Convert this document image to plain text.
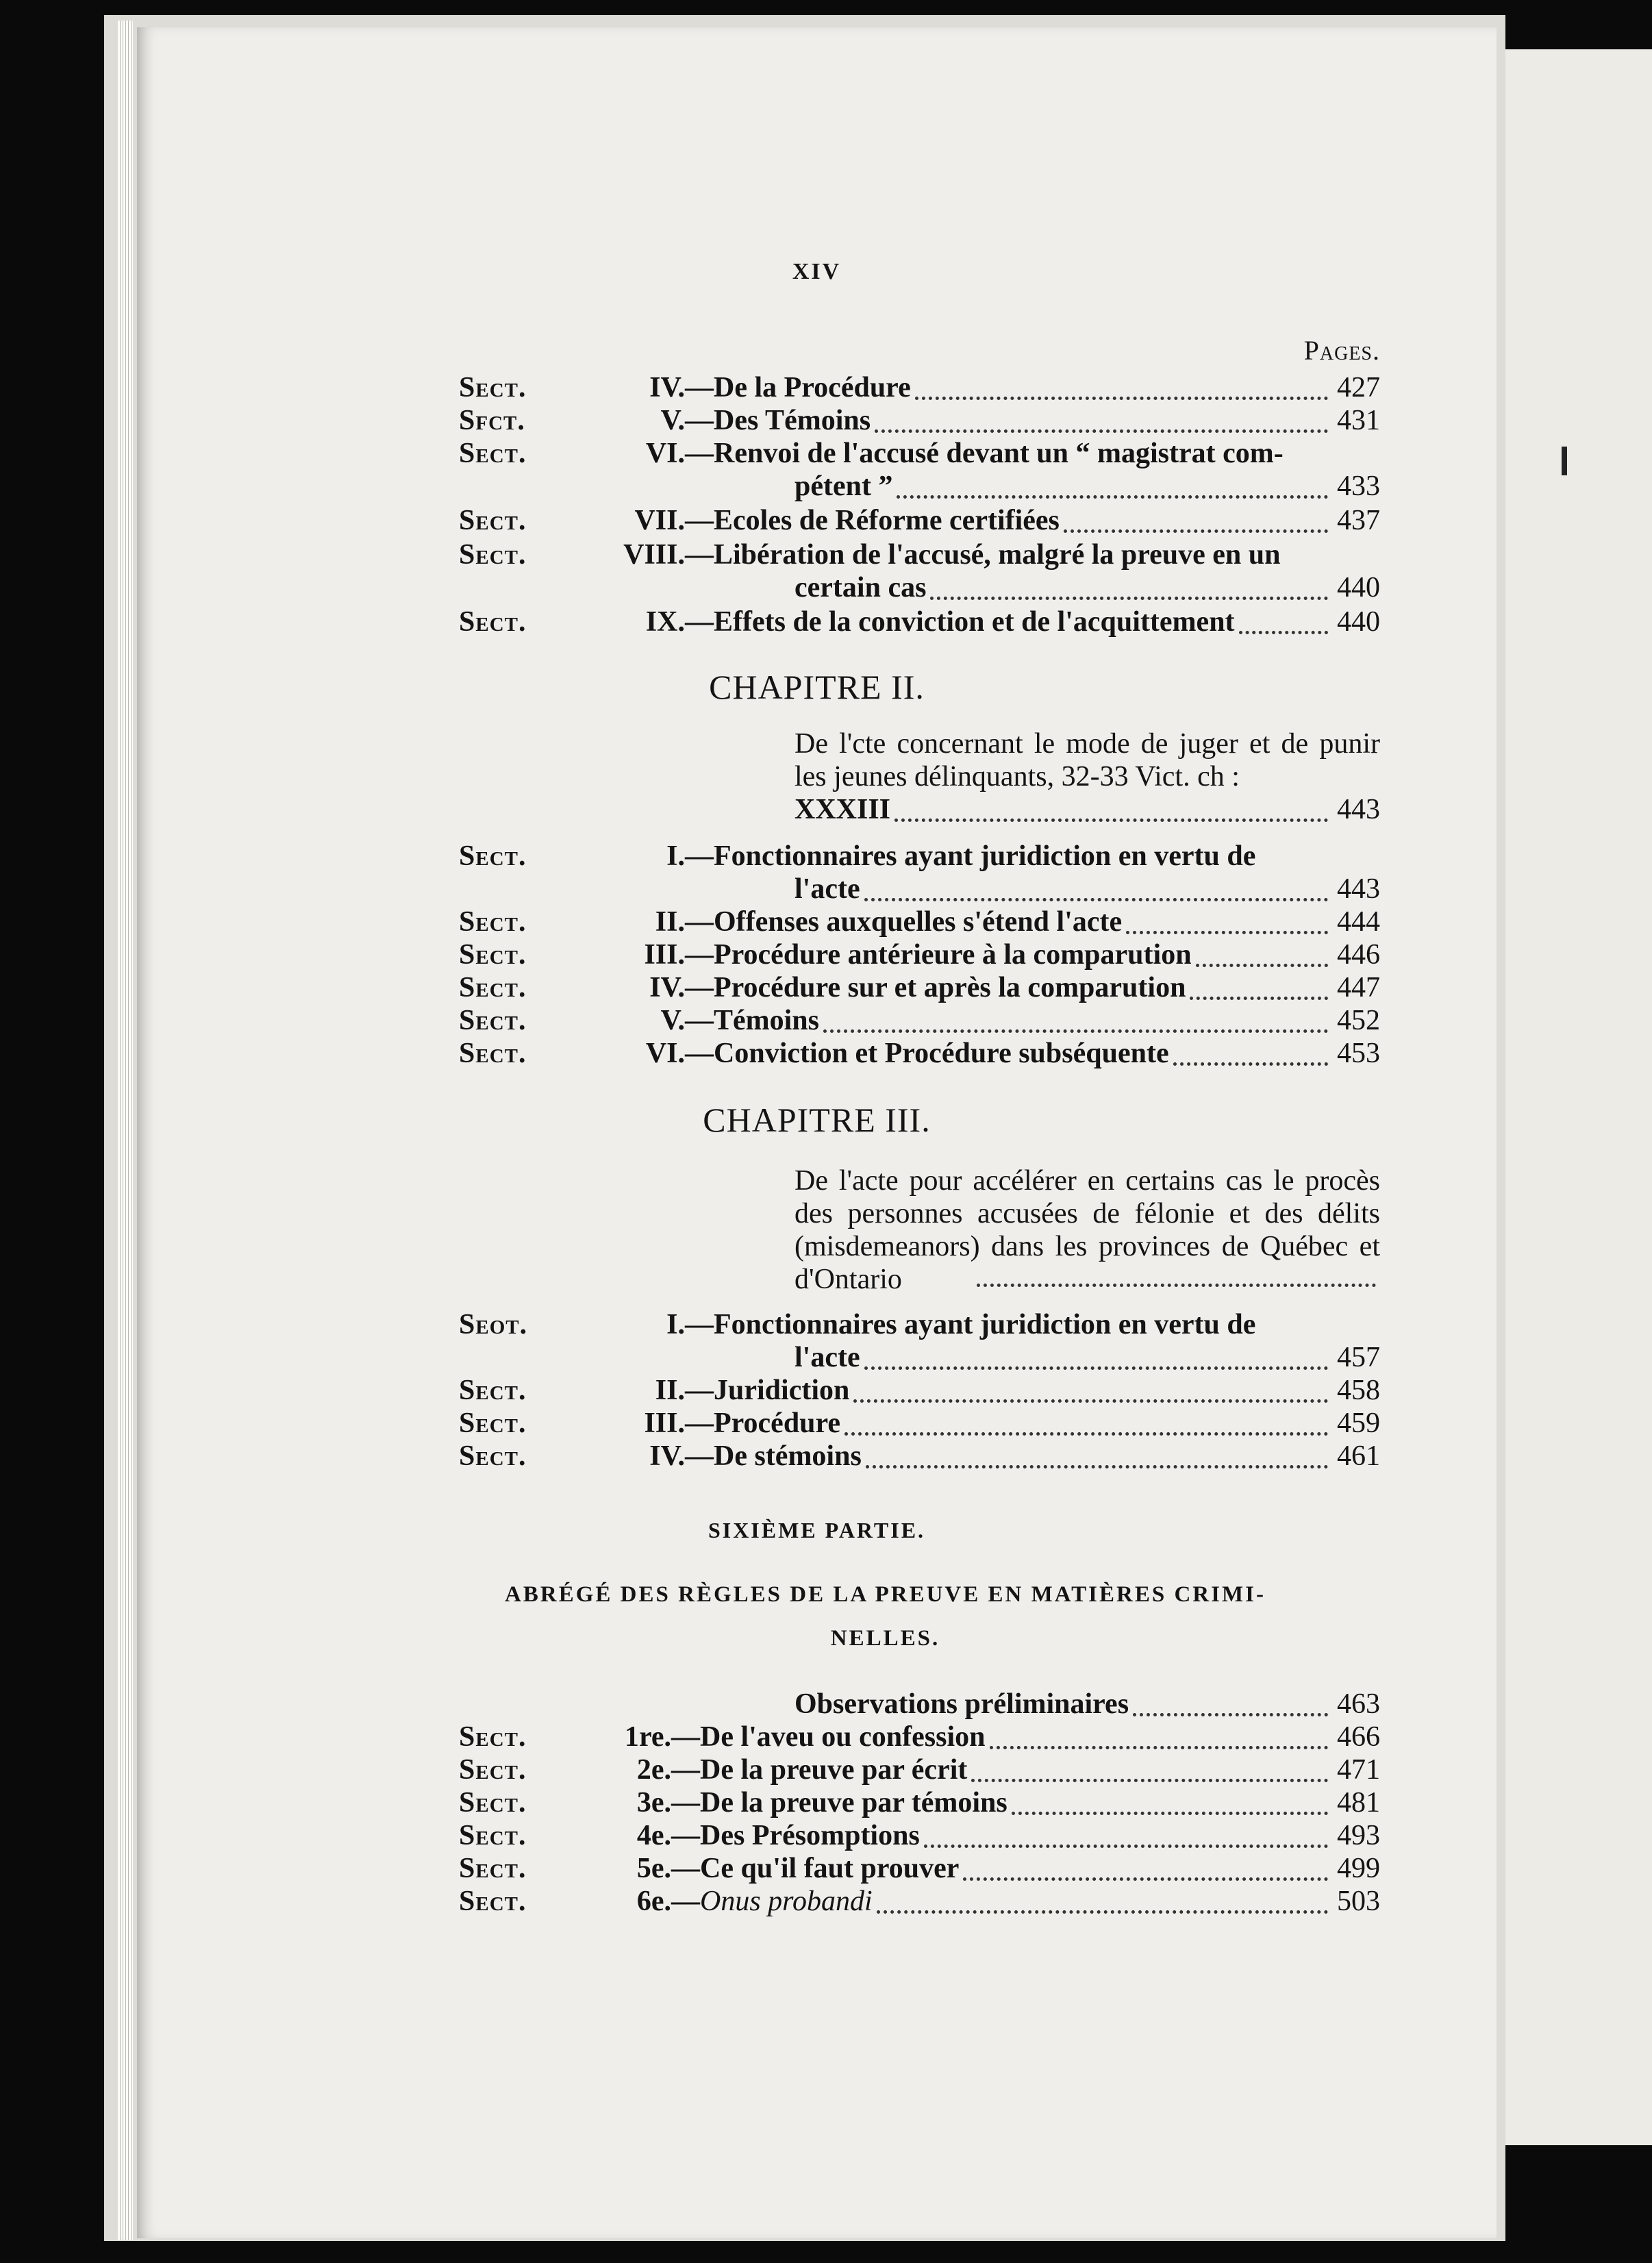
XIV
Pages.
Sect.	IV. —De la Procédure	427
Sfct.	V. —Des Témoins	431
Sect.	VI. —Renvoi de l'accusé devant un “ magistrat com-
pétent ”	433
Sect.	VII. —Ecoles de Réforme certifiées	437
Sect.	VIII. —Libération de l'accusé, malgré la preuve en un
certain cas	440
Sect.	IX. —Effets de la conviction et de l'acquittement	440
CHAPITRE II.
De l'cte concernant le mode de juger et de punir les jeunes délinquants, 32-33 Vict. ch :
XXXIII	443
Sect.	I. —Fonctionnaires ayant juridiction en vertu de
l'acte	443
Sect.	II. —Offenses auxquelles s'étend l'acte	444
Sect.	III. —Procédure antérieure à la comparution	446
Sect.	IV. —Procédure sur et après la comparution	447
Sect.	V. —Témoins	452
Sect.	VI. —Conviction et Procédure subséquente	453
CHAPITRE III.
De l'acte pour accélérer en certains cas le procès des personnes accusées de félonie et des délits (misdemeanors) dans les provinces de Québec et d'Ontario
Seot.	I. —Fonctionnaires ayant juridiction en vertu de
l'acte	457
Sect.	II. —Juridiction	458
Sect.	III. —Procédure	459
Sect.	IV. —De stémoins	461
SIXIÈME PARTIE.
ABRÉGÉ DES RÈGLES DE LA PREUVE EN MATIÈRES CRIMI-
NELLES.
Observations préliminaires	463
Sect.	1re. —De l'aveu ou confession	466
Sect.	2e. —De la preuve par écrit	471
Sect.	3e. —De la preuve par témoins	481
Sect.	4e. —Des Présomptions	493
Sect.	5e. —Ce qu'il faut prouver	499
Sect.	6e. —Onus probandi	503
